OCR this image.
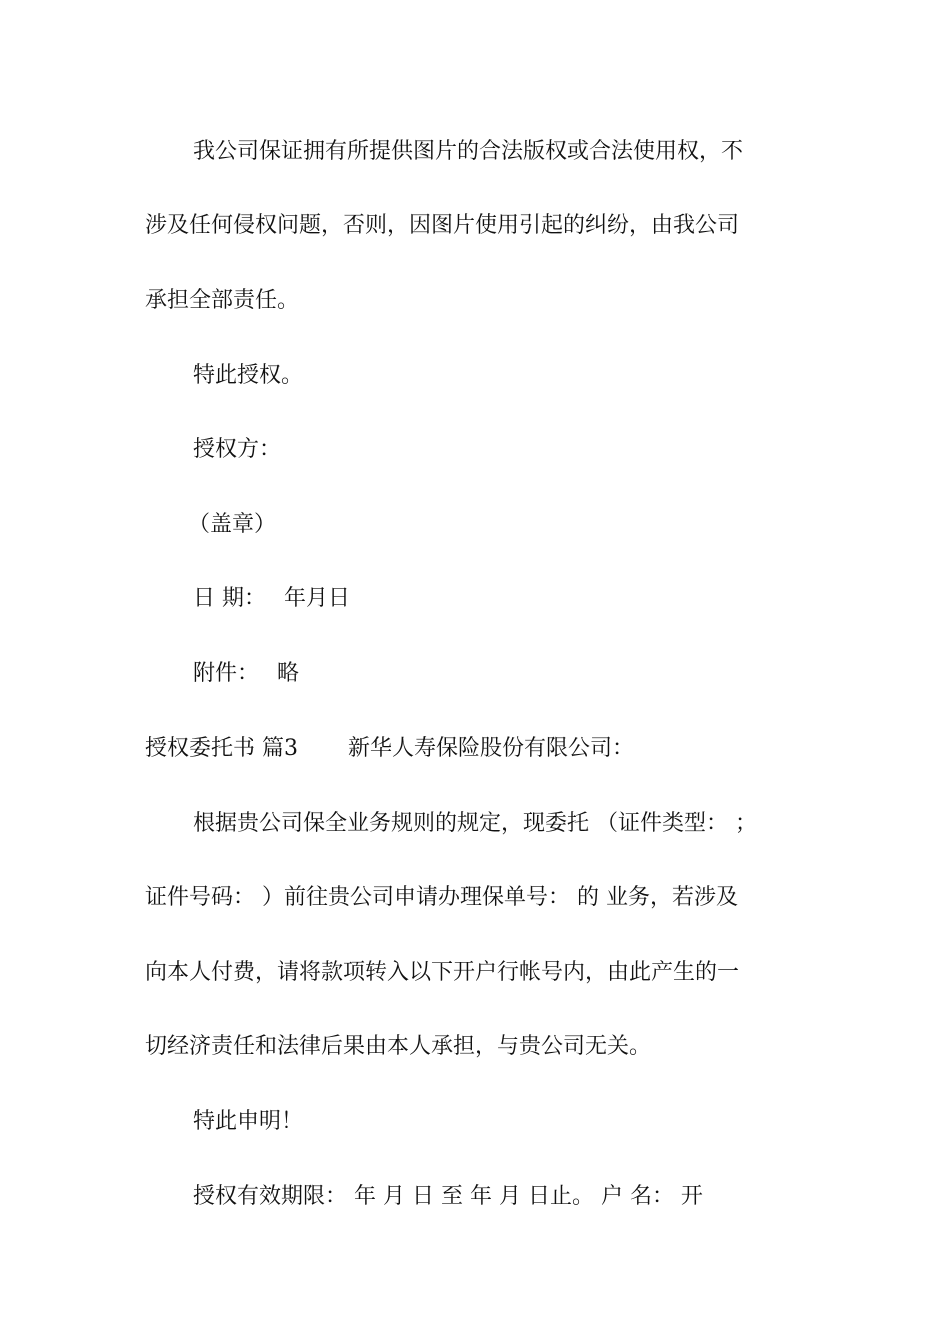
我公司保证拥有所提供图片的合法版权或合法使用权，不
涉及任何侵权问题，否则，因图片使用引起的纠纷，由我公司
承担全部责任。
特此授权。
授权方：
（盖章）
日 期： 年月日
附件： 略
授权委托书 篇3 新华人寿保险股份有限公司：
根据贵公司保全业务规则的规定，现委托 （证件类型： ；
证件号码： ）前往贵公司申请办理保单号： 的 业务，若涉及
向本人付费，请将款项转入以下开户行帐号内，由此产生的一
切经济责任和法律后果由本人承担，与贵公司无关。
特此申明！
授权有效期限： 年 月 日 至 年 月 日止。 户 名： 开
